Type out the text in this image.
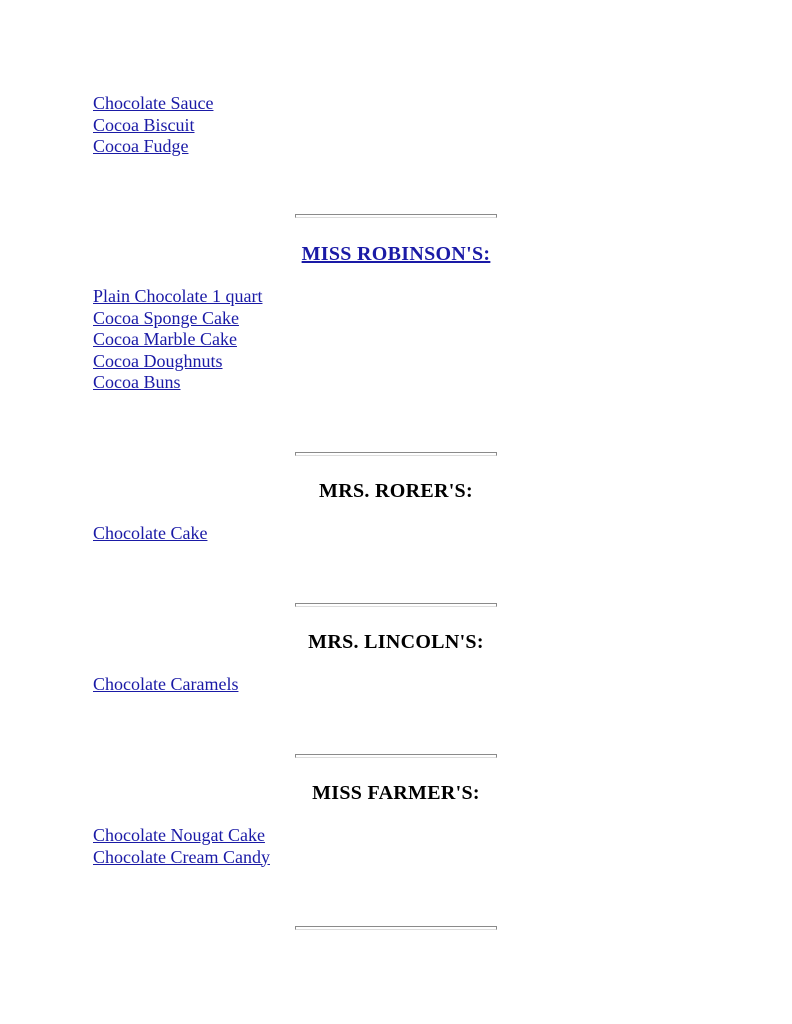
Chocolate Sauce
Cocoa Biscuit
Cocoa Fudge
MISS ROBINSON'S:
Plain Chocolate 1 quart
Cocoa Sponge Cake
Cocoa Marble Cake
Cocoa Doughnuts
Cocoa Buns
MRS. RORER'S:
Chocolate Cake
MRS. LINCOLN'S:
Chocolate Caramels
MISS FARMER'S:
Chocolate Nougat Cake
Chocolate Cream Candy
